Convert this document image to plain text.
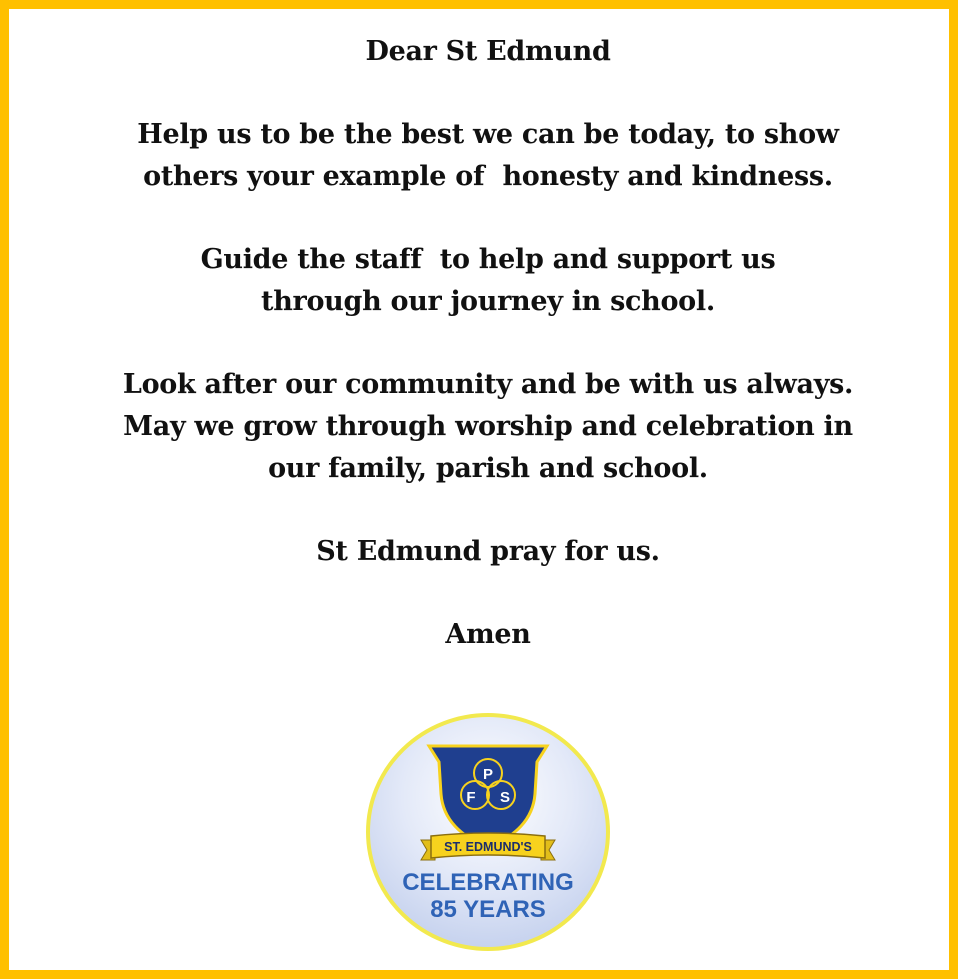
Dear St Edmund

Help us to be the best we can be today, to show

others your example of  honesty and kindness.

Guide the staff  to help and support us

through our journey in school.

Look after our community and be with us always.

May we grow through worship and celebration in

our family, parish and school.

St Edmund pray for us.

Amen

P
F S
ST. EDMUND'S
CELEBRATING
85 YEARS
